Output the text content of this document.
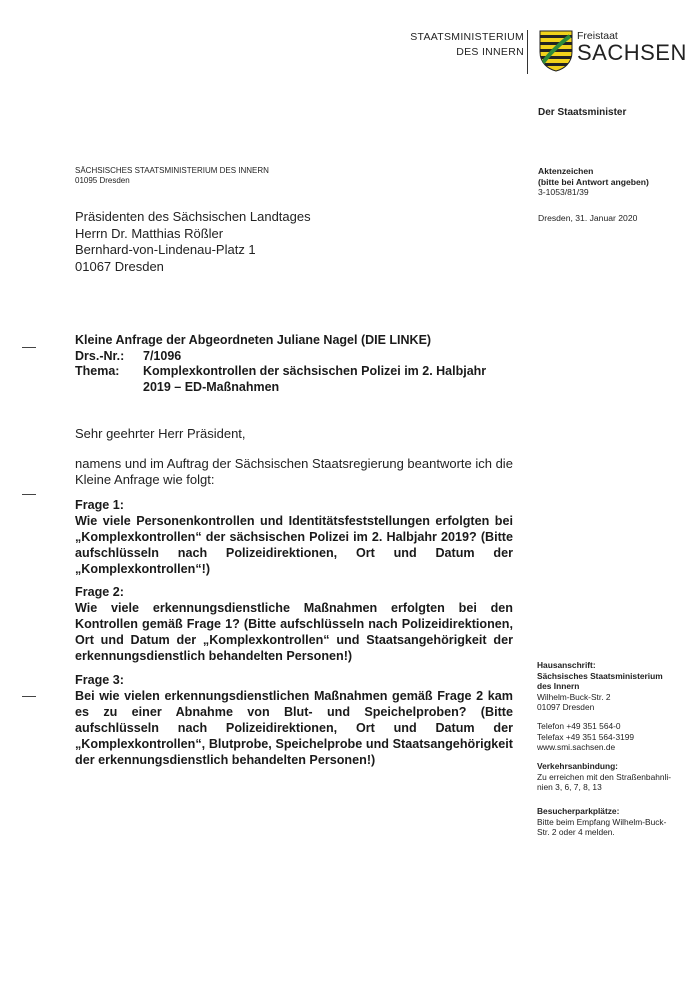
STAATSMINISTERIUM
DES INNERN
Freistaat
SACHSEN
Der Staatsminister
SÄCHSISCHES STAATSMINISTERIUM DES INNERN
01095 Dresden
Aktenzeichen
(bitte bei Antwort angeben)
3-1053/81/39
Dresden, 31. Januar 2020
Präsidenten des Sächsischen Landtages
Herrn Dr. Matthias Rößler
Bernhard-von-Lindenau-Platz 1
01067 Dresden
Kleine Anfrage der Abgeordneten Juliane Nagel (DIE LINKE)
Drs.-Nr.:	7/1096
Thema:	Komplexkontrollen der sächsischen Polizei im 2. Halbjahr
2019 – ED-Maßnahmen
Sehr geehrter Herr Präsident,
namens und im Auftrag der Sächsischen Staatsregierung beantworte ich die Kleine Anfrage wie folgt:
Frage 1:
Wie viele Personenkontrollen und Identitätsfeststellungen erfolgten bei „Komplexkontrollen“ der sächsischen Polizei im 2. Halbjahr 2019? (Bitte aufschlüsseln nach Polizeidirektionen, Ort und Datum der „Komplexkontrollen“!)
Frage 2:
Wie viele erkennungsdienstliche Maßnahmen erfolgten bei den Kontrollen gemäß Frage 1? (Bitte aufschlüsseln nach Polizeidirektionen, Ort und Datum der „Komplexkontrollen“ und Staatsangehörigkeit der erkennungsdienstlich behandelten Personen!)
Frage 3:
Bei wie vielen erkennungsdienstlichen Maßnahmen gemäß Frage 2 kam es zu einer Abnahme von Blut- und Speichelproben? (Bitte aufschlüsseln nach Polizeidirektionen, Ort und Datum der „Komplexkontrollen“, Blutprobe, Speichelprobe und Staatsangehörigkeit der erkennungsdienstlich behandelten Personen!)
Hausanschrift:
Sächsisches Staatsministerium
des Innern
Wilhelm-Buck-Str. 2
01097 Dresden
Telefon +49 351 564-0
Telefax +49 351 564-3199
www.smi.sachsen.de
Verkehrsanbindung:
Zu erreichen mit den Straßenbahnli-
nien 3, 6, 7, 8, 13
Besucherparkplätze:
Bitte beim Empfang Wilhelm-Buck-
Str. 2 oder 4 melden.
